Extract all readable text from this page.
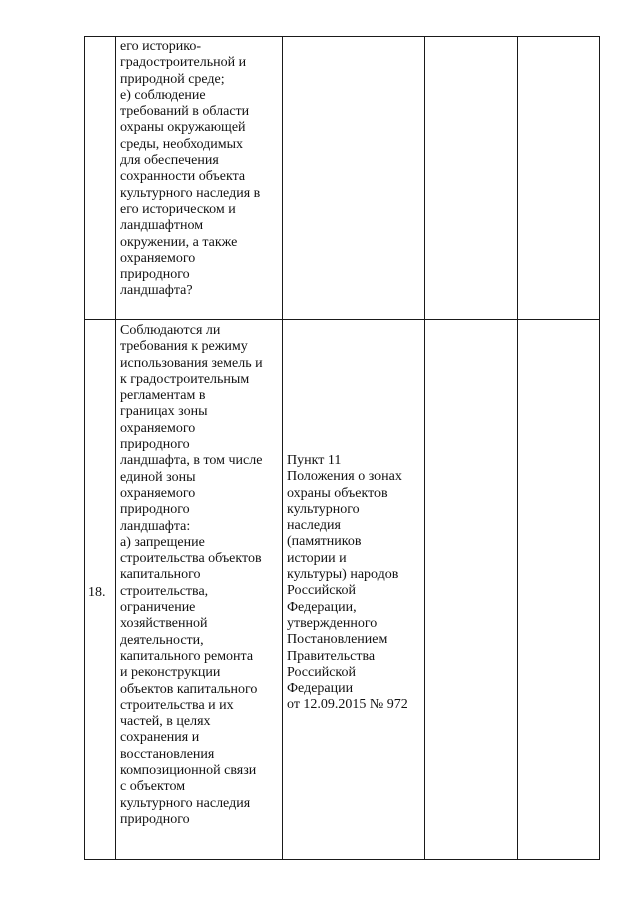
его историко-
градостроительной и
природной среде;
е) соблюдение
требований в области
охраны окружающей
среды, необходимых
для обеспечения
сохранности объекта
культурного наследия в
его историческом и
ландшафтном
окружении, а также
охраняемого
природного
ландшафта?
18.
Соблюдаются ли
требования к режиму
использования земель и
к градостроительным
регламентам в
границах зоны
охраняемого
природного
ландшафта, в том числе
единой зоны
охраняемого
природного
ландшафта:
а) запрещение
строительства объектов
капитального
строительства,
ограничение
хозяйственной
деятельности,
капитального ремонта
и реконструкции
объектов капитального
строительства и их
частей, в целях
сохранения и
восстановления
композиционной связи
с объектом
культурного наследия
природного
Пункт 11
Положения о зонах
охраны объектов
культурного
наследия
(памятников
истории и
культуры) народов
Российской
Федерации,
утвержденного
Постановлением
Правительства
Российской
Федерации
от 12.09.2015 № 972
